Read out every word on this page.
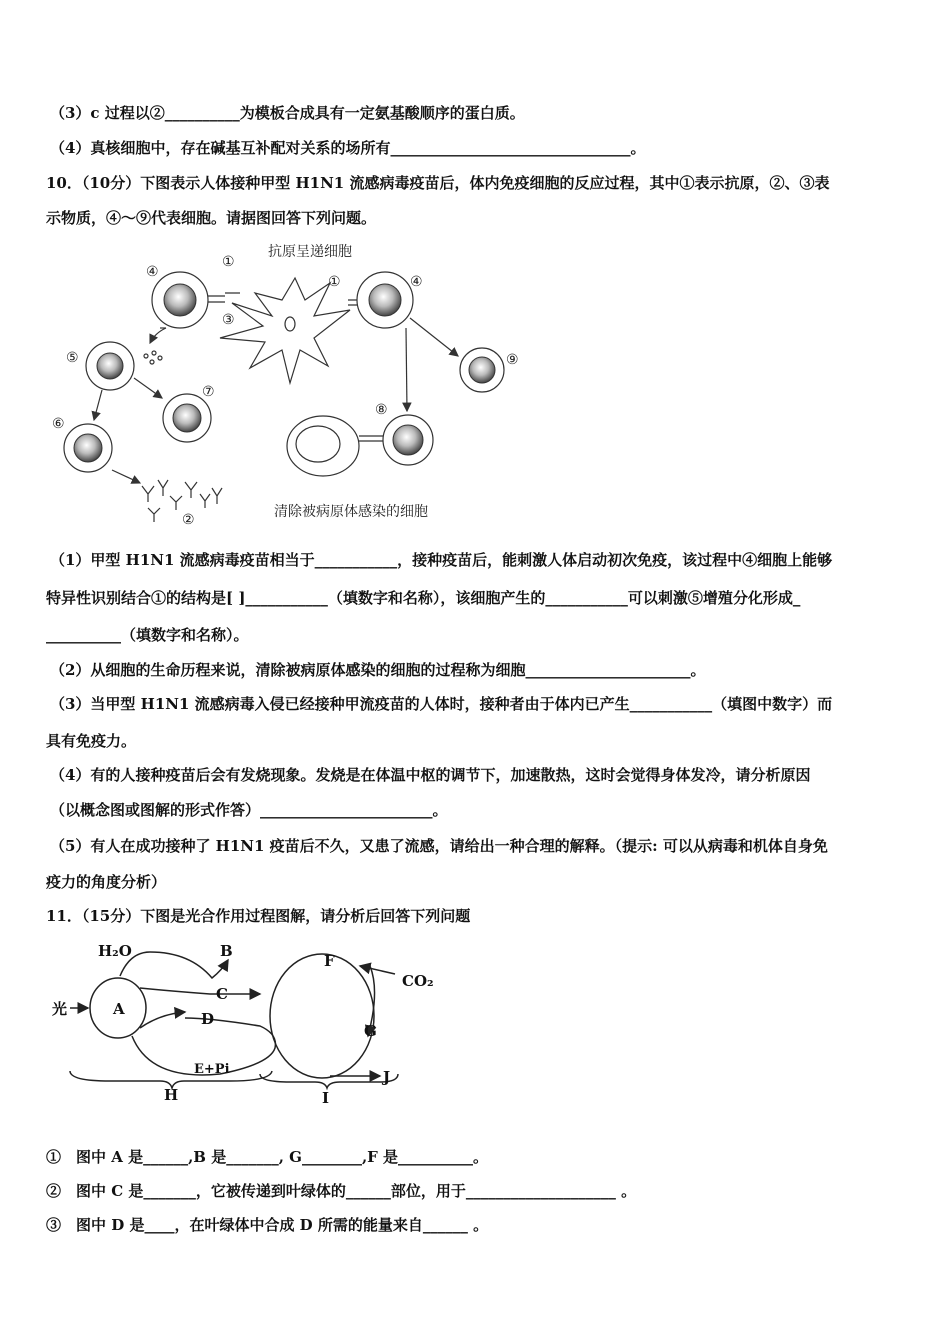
（3）c 过程以②__________为模板合成具有一定氨基酸顺序的蛋白质。
（4）真核细胞中，存在碱基互补配对关系的场所有________________________________。
10．（10分）下图表示人体接种甲型 H1N1 流感病毒疫苗后，体内免疫细胞的反应过程，其中①表示抗原，②、③表
示物质，④～⑨代表细胞。请据图回答下列问题。
抗原呈递细胞
清除被病原体感染的细胞
①
①
②
③
④
④
⑤
⑥
⑦
⑧
⑨
（1）甲型 H1N1 流感病毒疫苗相当于___________，接种疫苗后，能刺激人体启动初次免疫，该过程中④细胞上能够
特异性识别结合①的结构是[ ]___________（填数字和名称），该细胞产生的___________可以刺激⑤增殖分化形成_
__________（填数字和名称）。
（2）从细胞的生命历程来说，清除被病原体感染的细胞的过程称为细胞______________________。
（3）当甲型 H1N1 流感病毒入侵已经接种甲流疫苗的人体时，接种者由于体内已产生___________（填图中数字）而
具有免疫力。
（4）有的人接种疫苗后会有发烧现象。发烧是在体温中枢的调节下，加速散热，这时会觉得身体发冷，请分析原因
（以概念图或图解的形式作答）_______________________。
（5）有人在成功接种了 H1N1 疫苗后不久，又患了流感，请给出一种合理的解释。（提示: 可以从病毒和机体自身免
疫力的角度分析）
11．（15分）下图是光合作用过程图解，请分析后回答下列问题
H₂O
光	A
B
C
D
E+Pi
F
CO₂
G
J
H	I
①　图中 A 是______,B 是_______, G________,F 是__________。
②　图中 C 是_______，它被传递到叶绿体的______部位，用于____________________ 。
③　图中 D 是____，在叶绿体中合成 D 所需的能量来自______ 。
